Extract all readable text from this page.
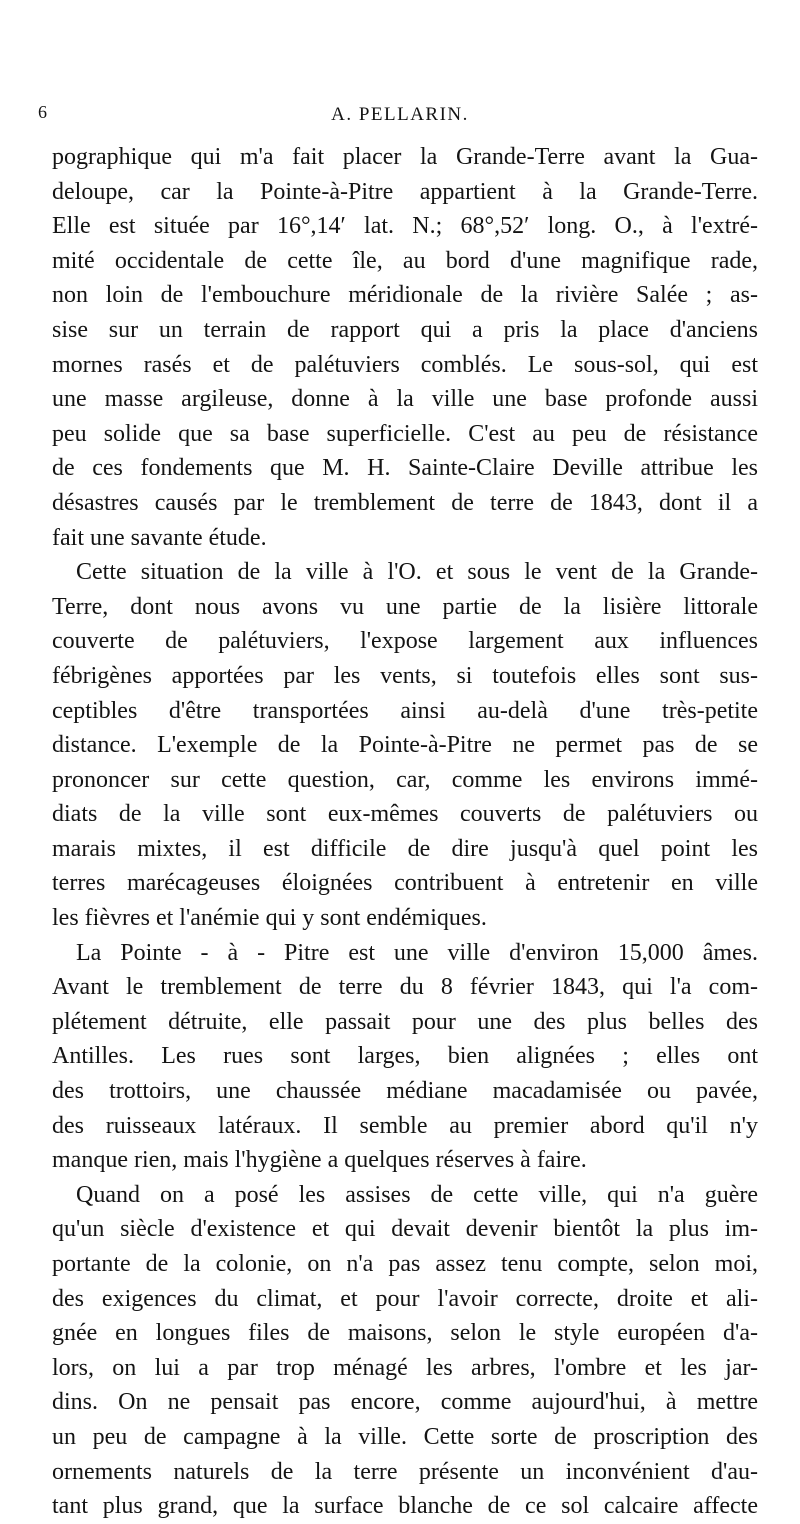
6	A. PELLARIN.
pographique qui m'a fait placer la Grande-Terre avant la Gua-
deloupe, car la Pointe-à-Pitre appartient à la Grande-Terre.
Elle est située par 16°,14′ lat. N.; 68°,52′ long. O., à l'extré-
mité occidentale de cette île, au bord d'une magnifique rade,
non loin de l'embouchure méridionale de la rivière Salée ; as-
sise sur un terrain de rapport qui a pris la place d'anciens
mornes rasés et de palétuviers comblés. Le sous-sol, qui est
une masse argileuse, donne à la ville une base profonde aussi
peu solide que sa base superficielle. C'est au peu de résistance
de ces fondements que M. H. Sainte-Claire Deville attribue les
désastres causés par le tremblement de terre de 1843, dont il a
fait une savante étude.
Cette situation de la ville à l'O. et sous le vent de la Grande-
Terre, dont nous avons vu une partie de la lisière littorale
couverte de palétuviers, l'expose largement aux influences
fébrigènes apportées par les vents, si toutefois elles sont sus-
ceptibles d'être transportées ainsi au-delà d'une très-petite
distance. L'exemple de la Pointe-à-Pitre ne permet pas de se
prononcer sur cette question, car, comme les environs immé-
diats de la ville sont eux-mêmes couverts de palétuviers ou
marais mixtes, il est difficile de dire jusqu'à quel point les
terres marécageuses éloignées contribuent à entretenir en ville
les fièvres et l'anémie qui y sont endémiques.
La Pointe - à - Pitre est une ville d'environ 15,000 âmes.
Avant le tremblement de terre du 8 février 1843, qui l'a com-
plétement détruite, elle passait pour une des plus belles des
Antilles. Les rues sont larges, bien alignées ; elles ont
des trottoirs, une chaussée médiane macadamisée ou pavée,
des ruisseaux latéraux. Il semble au premier abord qu'il n'y
manque rien, mais l'hygiène a quelques réserves à faire.
Quand on a posé les assises de cette ville, qui n'a guère
qu'un siècle d'existence et qui devait devenir bientôt la plus im-
portante de la colonie, on n'a pas assez tenu compte, selon moi,
des exigences du climat, et pour l'avoir correcte, droite et ali-
gnée en longues files de maisons, selon le style européen d'a-
lors, on lui a par trop ménagé les arbres, l'ombre et les jar-
dins. On ne pensait pas encore, comme aujourd'hui, à mettre
un peu de campagne à la ville. Cette sorte de proscription des
ornements naturels de la terre présente un inconvénient d'au-
tant plus grand, que la surface blanche de ce sol calcaire affecte
